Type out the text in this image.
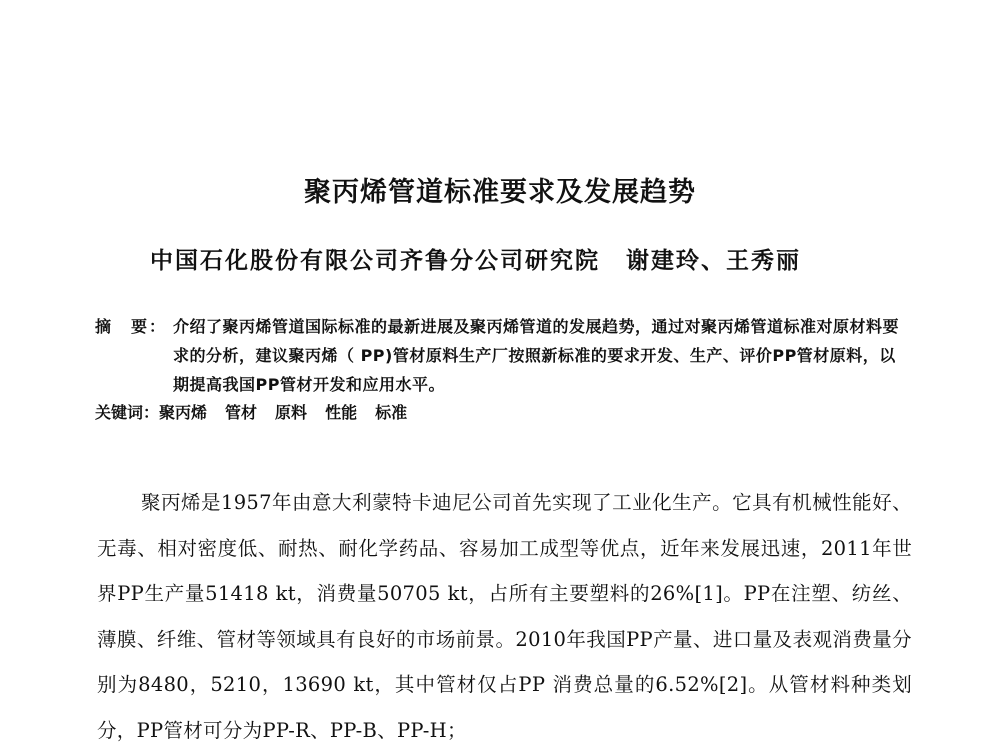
聚丙烯管道标准要求及发展趋势
中国石化股份有限公司齐鲁分公司研究院 谢建玲、王秀丽
摘　要： 介绍了聚丙烯管道国际标准的最新进展及聚丙烯管道的发展趋势，通过对聚丙烯管道标准对原材料要求的分析，建议聚丙烯（ PP)管材原料生产厂按照新标准的要求开发、生产、评价PP管材原料，以期提高我国PP管材开发和应用水平。
关键词：聚丙烯 管材 原料 性能 标准
聚丙烯是1957年由意大利蒙特卡迪尼公司首先实现了工业化生产。它具有机械性能好、无毒、相对密度低、耐热、耐化学药品、容易加工成型等优点，近年来发展迅速，2011年世界PP生产量51418 kt，消费量50705 kt，占所有主要塑料的26%[1]。PP在注塑、纺丝、薄膜、纤维、管材等领域具有良好的市场前景。2010年我国PP产量、进口量及表观消费量分别为8480，5210，13690 kt，其中管材仅占PP 消费总量的6.52%[2]。从管材料种类划分，PP管材可分为PP-R、PP-B、PP-H；
